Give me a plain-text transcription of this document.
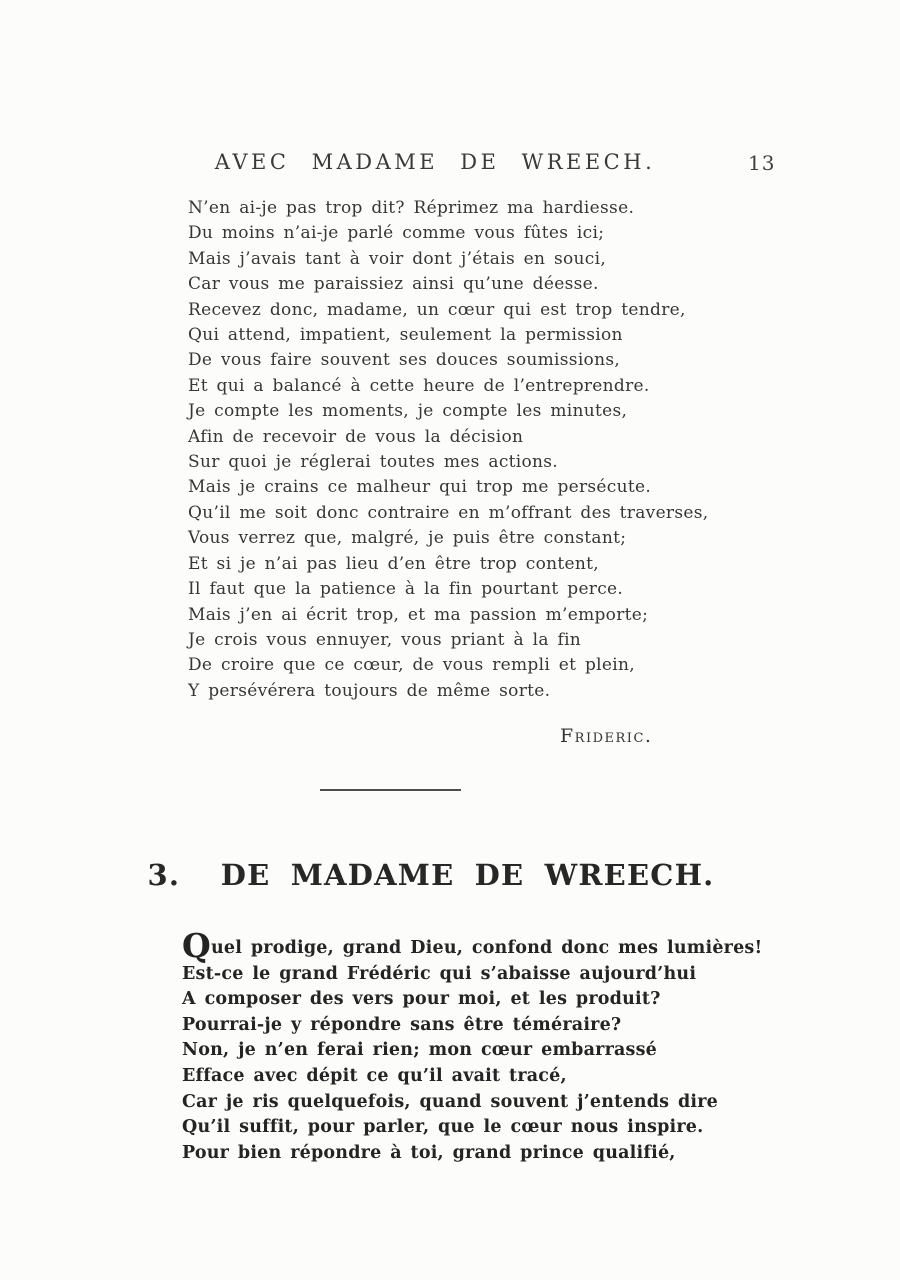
AVEC MADAME DE WREECH.	13
N’en ai-je pas trop dit? Réprimez ma hardiesse.
Du moins n’ai-je parlé comme vous fûtes ici;
Mais j’avais tant à voir dont j’étais en souci,
Car vous me paraissiez ainsi qu’une déesse.
Recevez donc, madame, un cœur qui est trop tendre,
Qui attend, impatient, seulement la permission
De vous faire souvent ses douces soumissions,
Et qui a balancé à cette heure de l’entreprendre.
Je compte les moments, je compte les minutes,
Afin de recevoir de vous la décision
Sur quoi je réglerai toutes mes actions.
Mais je crains ce malheur qui trop me persécute.
Qu’il me soit donc contraire en m’offrant des traverses,
Vous verrez que, malgré, je puis être constant;
Et si je n’ai pas lieu d’en être trop content,
Il faut que la patience à la fin pourtant perce.
Mais j’en ai écrit trop, et ma passion m’emporte;
Je crois vous ennuyer, vous priant à la fin
De croire que ce cœur, de vous rempli et plein,
Y persévérera toujours de même sorte.
Frideric.
3.  DE MADAME DE WREECH.
Quel prodige, grand Dieu, confond donc mes lumières!
Est-ce le grand Frédéric qui s’abaisse aujourd’hui
A composer des vers pour moi, et les produit?
Pourrai-je y répondre sans être téméraire?
Non, je n’en ferai rien; mon cœur embarrassé
Efface avec dépit ce qu’il avait tracé,
Car je ris quelquefois, quand souvent j’entends dire
Qu’il suffit, pour parler, que le cœur nous inspire.
Pour bien répondre à toi, grand prince qualifié,
